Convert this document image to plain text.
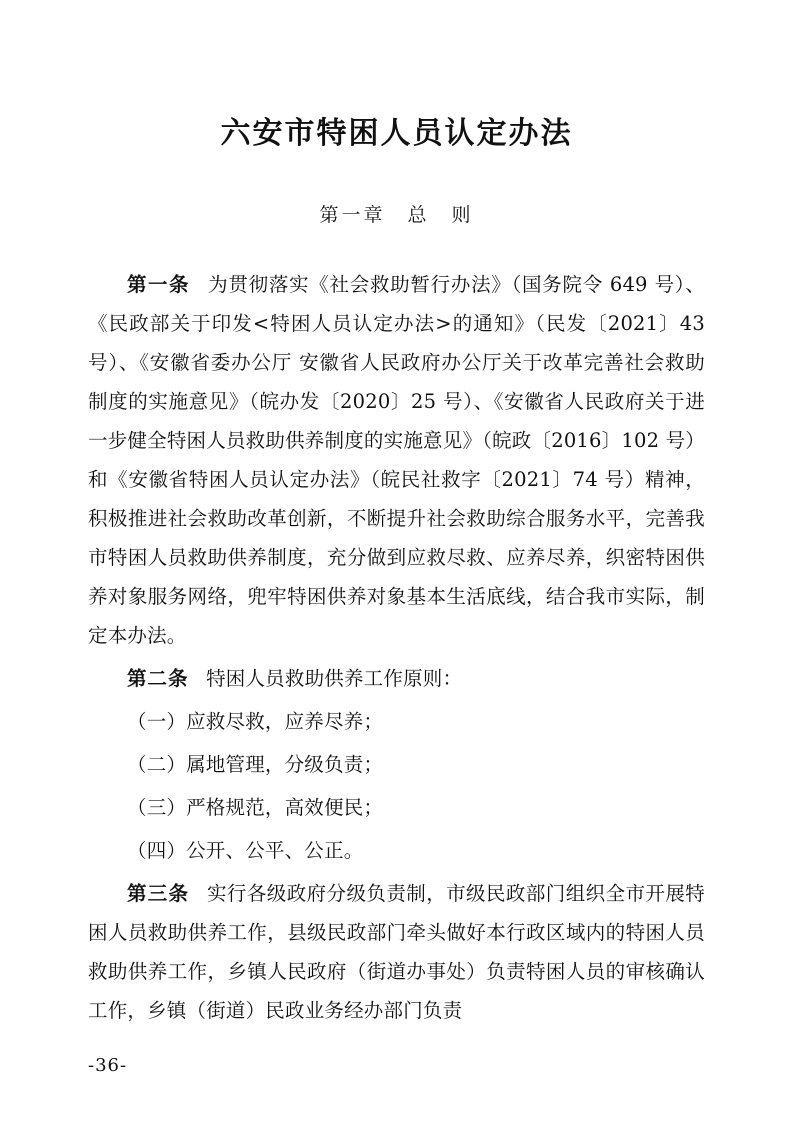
六安市特困人员认定办法
第一章　总　则

第一条 为贯彻落实《社会救助暂行办法》（国务院令 649 号）、《民政部关于印发<特困人员认定办法>的通知》（民发〔2021〕43 号）、《安徽省委办公厅 安徽省人民政府办公厅关于改革完善社会救助制度的实施意见》（皖办发〔2020〕25 号）、《安徽省人民政府关于进一步健全特困人员救助供养制度的实施意见》（皖政〔2016〕102 号）和《安徽省特困人员认定办法》（皖民社救字〔2021〕74 号）精神，积极推进社会救助改革创新，不断提升社会救助综合服务水平，完善我市特困人员救助供养制度，充分做到应救尽救、应养尽养，织密特困供养对象服务网络，兜牢特困供养对象基本生活底线，结合我市实际，制定本办法。

第二条 特困人员救助供养工作原则：

（一）应救尽救，应养尽养；

（二）属地管理，分级负责；

（三）严格规范，高效便民；

（四）公开、公平、公正。

第三条 实行各级政府分级负责制，市级民政部门组织全市开展特困人员救助供养工作，县级民政部门牵头做好本行政区域内的特困人员救助供养工作，乡镇人民政府（街道办事处）负责特困人员的审核确认工作，乡镇（街道）民政业务经办部门负责

-36-
